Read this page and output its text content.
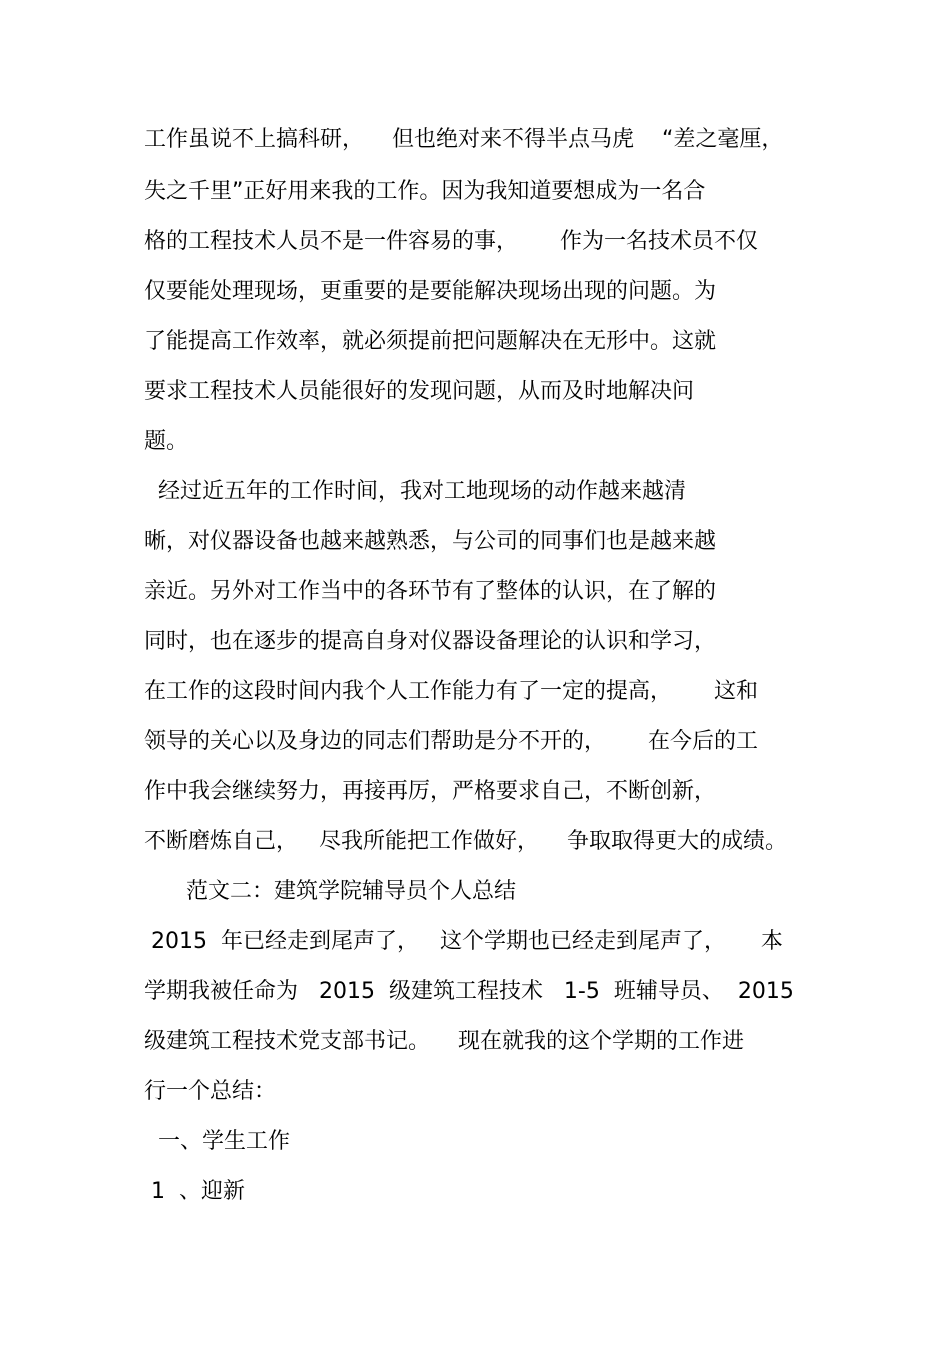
工作虽说不上搞科研，    但也绝对来不得半点马虎    “差之毫厘，
失之千里”正好用来我的工作。因为我知道要想成为一名合
格的工程技术人员不是一件容易的事，      作为一名技术员不仅
仅要能处理现场，更重要的是要能解决现场出现的问题。为
了能提高工作效率，就必须提前把问题解决在无形中。这就
要求工程技术人员能很好的发现问题，从而及时地解决问
题。
经过近五年的工作时间，我对工地现场的动作越来越清
晰，对仪器设备也越来越熟悉，与公司的同事们也是越来越
亲近。另外对工作当中的各环节有了整体的认识，在了解的
同时，也在逐步的提高自身对仪器设备理论的认识和学习，
在工作的这段时间内我个人工作能力有了一定的提高，      这和
领导的关心以及身边的同志们帮助是分不开的，      在今后的工
作中我会继续努力，再接再厉，严格要求自己，不断创新，
不断磨炼自己，   尽我所能把工作做好，    争取取得更大的成绩。
范文二：建筑学院辅导员个人总结
2015  年已经走到尾声了，   这个学期也已经走到尾声了，     本
学期我被任命为   2015  级建筑工程技术   1-5  班辅导员、  2015
级建筑工程技术党支部书记。    现在就我的这个学期的工作进
行一个总结：
一、学生工作
1  、迎新
